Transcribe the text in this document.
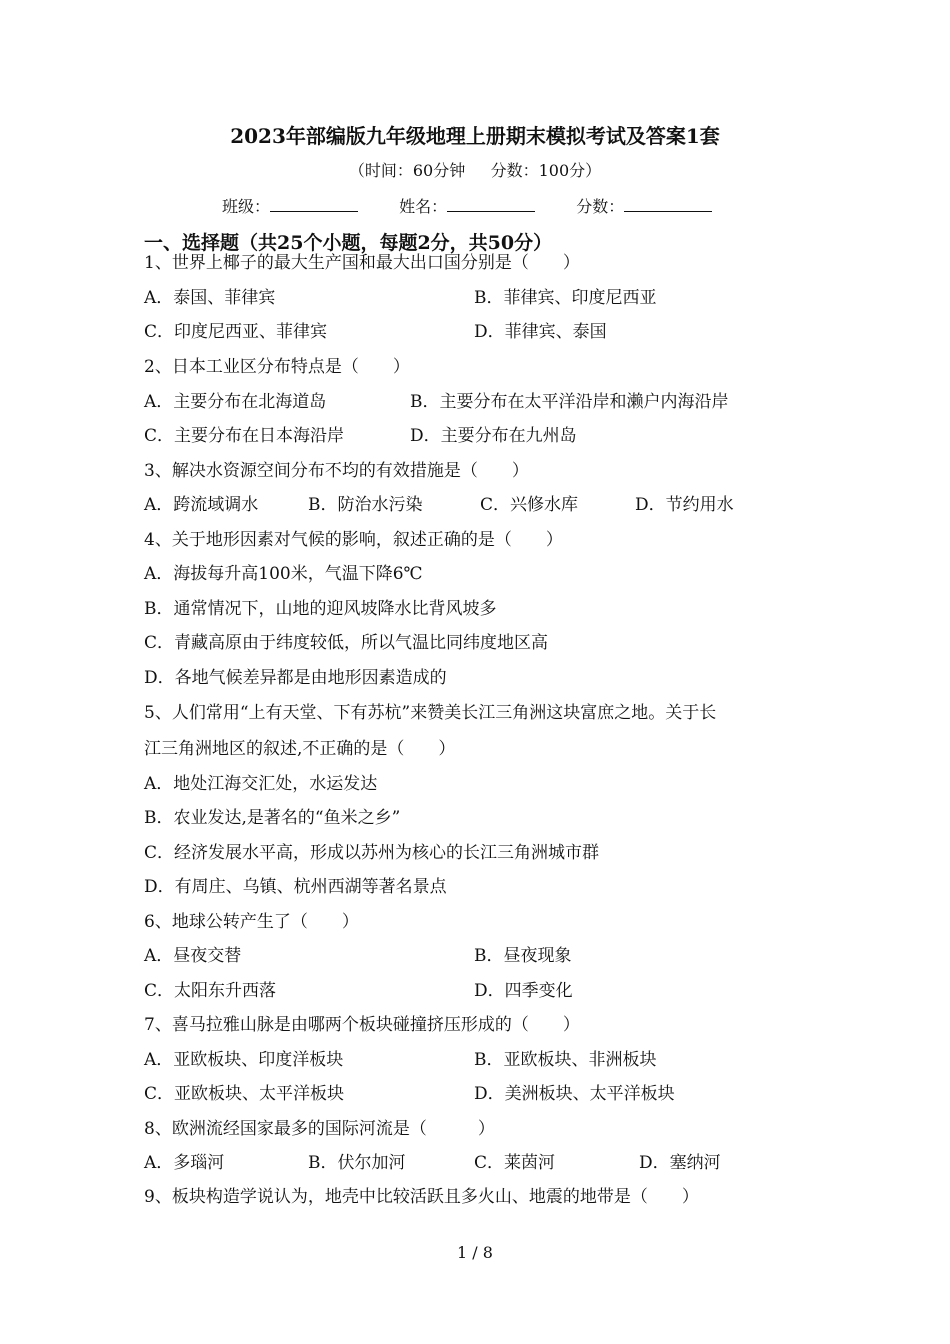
2023年部编版九年级地理上册期末模拟考试及答案1套
（时间：60分钟     分数：100分）
班级：	姓名：	分数：
一、选择题（共25个小题，每题2分，共50分）
1、世界上椰子的最大生产国和最大出口国分别是（　　）
A．泰国、菲律宾	B．菲律宾、印度尼西亚
C．印度尼西亚、菲律宾	D．菲律宾、泰国
2、日本工业区分布特点是（　　）
A．主要分布在北海道岛	B．主要分布在太平洋沿岸和濑户内海沿岸
C．主要分布在日本海沿岸	D．主要分布在九州岛
3、解决水资源空间分布不均的有效措施是（　　）
A．跨流域调水	B．防治水污染	C．兴修水库	D．节约用水
4、关于地形因素对气候的影响，叙述正确的是（　　）
A．海拔每升高100米，气温下降6℃
B．通常情况下，山地的迎风坡降水比背风坡多
C．青藏高原由于纬度较低，所以气温比同纬度地区高
D．各地气候差异都是由地形因素造成的
5、人们常用“上有天堂、下有苏杭”来赞美长江三角洲这块富庶之地。关于长
江三角洲地区的叙述,不正确的是（　　）
A．地处江海交汇处，水运发达
B．农业发达,是著名的“鱼米之乡”
C．经济发展水平高，形成以苏州为核心的长江三角洲城市群
D．有周庄、乌镇、杭州西湖等著名景点
6、地球公转产生了（　　）
A．昼夜交替	B．昼夜现象
C．太阳东升西落	D．四季变化
7、喜马拉雅山脉是由哪两个板块碰撞挤压形成的（　　）
A．亚欧板块、印度洋板块	B．亚欧板块、非洲板块
C．亚欧板块、太平洋板块	D．美洲板块、太平洋板块
8、欧洲流经国家最多的国际河流是（　　　）
A．多瑙河	B．伏尔加河	C．莱茵河	D．塞纳河
9、板块构造学说认为，地壳中比较活跃且多火山、地震的地带是（　　）
1 / 8
